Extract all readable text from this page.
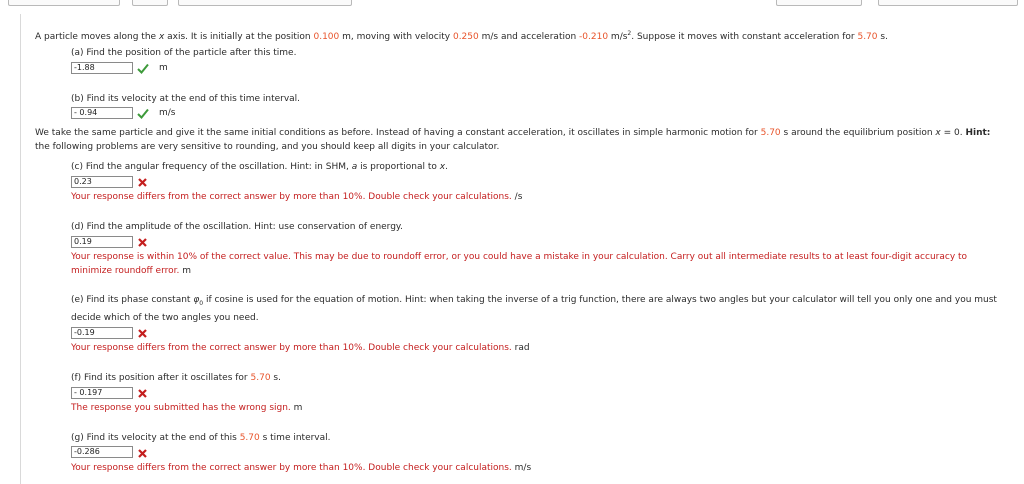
A particle moves along the x axis. It is initially at the position 0.100 m, moving with velocity 0.250 m/s and acceleration -0.210 $m/s^2$. Suppose it moves with constant acceleration for 5.70 s.
(a) Find the position of the particle after this time.
-1.88	m
(b) Find its velocity at the end of this time interval.
- 0.94	m/s
We take the same particle and give it the same initial conditions as before. Instead of having a constant acceleration, it oscillates in simple harmonic motion for 5.70 s around the equilibrium position x = 0. Hint: the following problems are very sensitive to rounding, and you should keep all digits in your calculator.
(c) Find the angular frequency of the oscillation. Hint: in SHM, a is proportional to x.
0.23
Your response differs from the correct answer by more than 10%. Double check your calculations. /s
(d) Find the amplitude of the oscillation. Hint: use conservation of energy.
0.19
Your response is within 10% of the correct value. This may be due to roundoff error, or you could have a mistake in your calculation. Carry out all intermediate results to at least four-digit accuracy to minimize roundoff error. m
(e) Find its phase constant $\varphi_0$ if cosine is used for the equation of motion. Hint: when taking the inverse of a trig function, there are always two angles but your calculator will tell you only one and you must decide which of the two angles you need.
-0.19
Your response differs from the correct answer by more than 10%. Double check your calculations. rad
(f) Find its position after it oscillates for 5.70 s.
- 0.197
The response you submitted has the wrong sign. m
(g) Find its velocity at the end of this 5.70 s time interval.
-0.286
Your response differs from the correct answer by more than 10%. Double check your calculations. m/s
